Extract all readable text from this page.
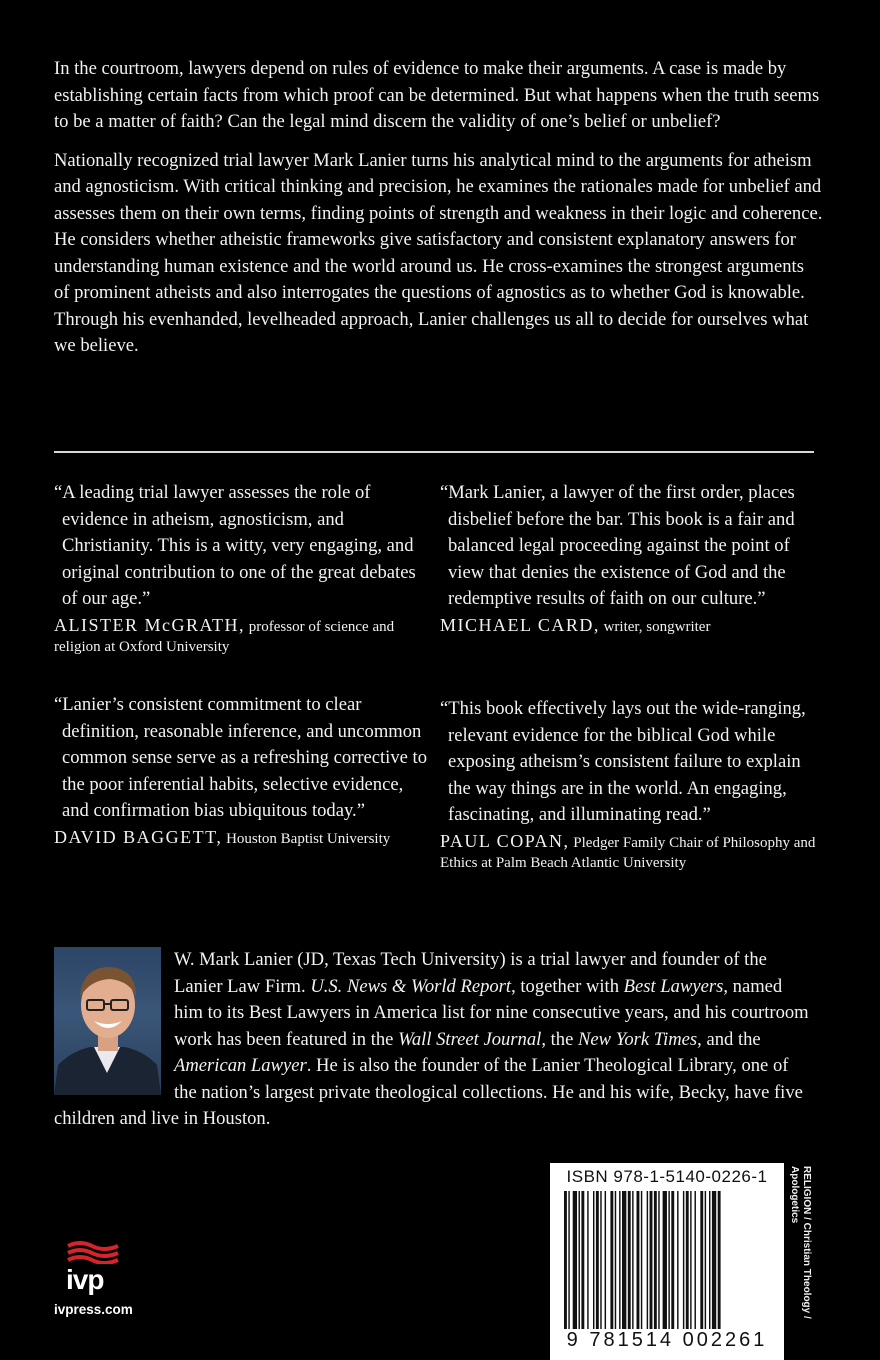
In the courtroom, lawyers depend on rules of evidence to make their arguments. A case is made by establishing certain facts from which proof can be determined. But what happens when the truth seems to be a matter of faith? Can the legal mind discern the validity of one’s belief or unbelief?

Nationally recognized trial lawyer Mark Lanier turns his analytical mind to the arguments for atheism and agnosticism. With critical thinking and precision, he examines the rationales made for unbelief and assesses them on their own terms, finding points of strength and weakness in their logic and coherence. He considers whether atheistic frameworks give satisfactory and consistent explanatory answers for understanding human existence and the world around us. He cross-examines the strongest arguments of prominent atheists and also interrogates the questions of agnostics as to whether God is knowable. Through his evenhanded, levelheaded approach, Lanier challenges us all to decide for ourselves what we believe.

“A leading trial lawyer assesses the role of evidence in atheism, agnosticism, and Christianity. This is a witty, very engaging, and original contribution to one of the great debates of our age.”

ALISTER McGRATH, professor of science and religion at Oxford University

“Mark Lanier, a lawyer of the first order, places disbelief before the bar. This book is a fair and balanced legal proceeding against the point of view that denies the existence of God and the redemptive results of faith on our culture.”

MICHAEL CARD, writer, songwriter

“Lanier’s consistent commitment to clear definition, reasonable inference, and uncommon common sense serve as a refreshing corrective to the poor inferential habits, selective evidence, and confirmation bias ubiquitous today.”

DAVID BAGGETT, Houston Baptist University

“This book effectively lays out the wide-ranging, relevant evidence for the biblical God while exposing atheism’s consistent failure to explain the way things are in the world. An engaging, fascinating, and illuminating read.”

PAUL COPAN, Pledger Family Chair of Philosophy and Ethics at Palm Beach Atlantic University
W. Mark Lanier (JD, Texas Tech University) is a trial lawyer and founder of the Lanier Law Firm. U.S. News & World Report, together with Best Lawyers, named him to its Best Lawyers in America list for nine consecutive years, and his courtroom work has been featured in the Wall Street Journal, the New York Times, and the American Lawyer. He is also the founder of the Lanier Theological Library, one of the nation’s largest private theological collections. He and his wife, Becky, have five children and live in Houston.
ISBN 978-1-5140-0226-1
9 781514 002261
RELIGION / Christian Theology /
Apologetics
ivp
ivpress.com
